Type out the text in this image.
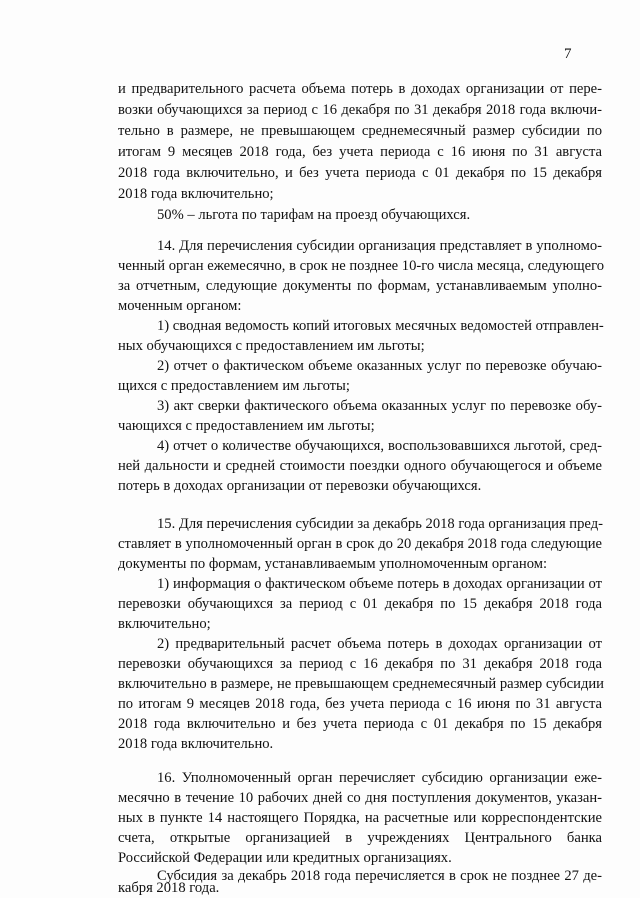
7
и предварительного расчета объема потерь в доходах организации от пере-
возки обучающихся за период с 16 декабря по 31 декабря 2018 года включи-
тельно в размере, не превышающем среднемесячный размер субсидии по
итогам 9 месяцев 2018 года, без учета периода с 16 июня по 31 августа
2018 года включительно, и без учета периода с 01 декабря по 15 декабря
2018 года включительно;
50% – льгота по тарифам на проезд обучающихся.
14. Для перечисления субсидии организация представляет в уполномо-
ченный орган ежемесячно, в срок не позднее 10-го числа месяца, следующего
за отчетным, следующие документы по формам, устанавливаемым уполно-
моченным органом:
1) сводная ведомость копий итоговых месячных ведомостей отправлен-
ных обучающихся с предоставлением им льготы;
2) отчет о фактическом объеме оказанных услуг по перевозке обучаю-
щихся с предоставлением им льготы;
3) акт сверки фактического объема оказанных услуг по перевозке обу-
чающихся с предоставлением им льготы;
4) отчет о количестве обучающихся, воспользовавшихся льготой, сред-
ней дальности и средней стоимости поездки одного обучающегося и объеме
потерь в доходах организации от перевозки обучающихся.
15. Для перечисления субсидии за декабрь 2018 года организация пред-
ставляет в уполномоченный орган в срок до 20 декабря 2018 года следующие
документы по формам, устанавливаемым уполномоченным органом:
1) информация о фактическом объеме потерь в доходах организации от
перевозки обучающихся за период с 01 декабря по 15 декабря 2018 года
включительно;
2) предварительный расчет объема потерь в доходах организации от
перевозки обучающихся за период с 16 декабря по 31 декабря 2018 года
включительно в размере, не превышающем среднемесячный размер субсидии
по итогам 9 месяцев 2018 года, без учета периода с 16 июня по 31 августа
2018 года включительно и без учета периода с 01 декабря по 15 декабря
2018 года включительно.
16. Уполномоченный орган перечисляет субсидию организации еже-
месячно в течение 10 рабочих дней со дня поступления документов, указан-
ных в пункте 14 настоящего Порядка, на расчетные или корреспондентские
счета, открытые организацией в учреждениях Центрального банка
Российской Федерации или кредитных организациях.
Субсидия за декабрь 2018 года перечисляется в срок не позднее 27 де-
кабря 2018 года.
